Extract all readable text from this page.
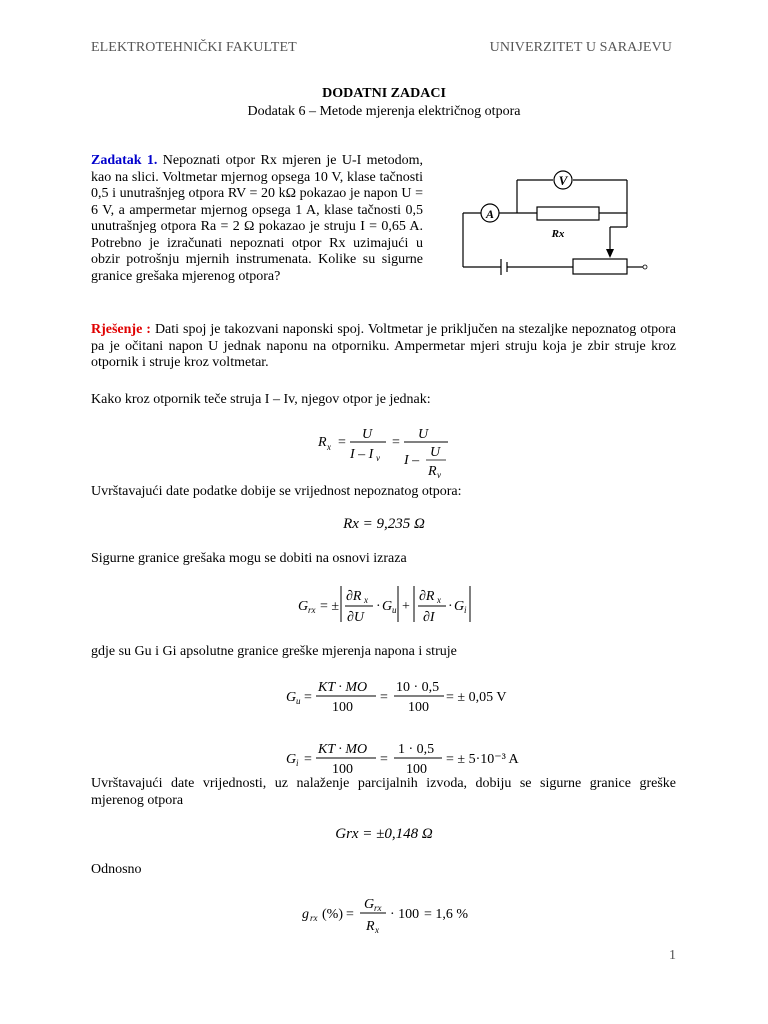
ELEKTROTEHNIČKI FAKULTET	UNIVERZITET U SARAJEVU
DODATNI ZADACI
Dodatak 6 – Metode mjerenja električnog otpora

Zadatak 1. Nepoznati otpor Rx mjeren je U-I metodom, kao na slici. Voltmetar mjernog opsega 10 V, klase tačnosti 0,5 i unutrašnjeg otpora RV = 20 kΩ pokazao je napon U = 6 V, a ampermetar mjernog opsega 1 A, klase tačnosti 0,5 unutrašnjeg otpora Ra = 2 Ω pokazao je struju I = 0,65 A. Potrebno je izračunati nepoznati otpor Rx uzimajući u obzir potrošnju mjernih instrumenata. Kolike su sigurne granice grešaka mjerenog otpora?

V
A
Rx

Rješenje : Dati spoj je takozvani naponski spoj. Voltmetar je priključen na stezaljke nepoznatog otpora pa je očitani napon U jednak naponu na otporniku. Ampermetar mjeri struju koja je zbir struje kroz otpornik i struje kroz voltmetar.

Kako kroz otpornik teče struja I – Iv, njegov otpor je jednak:
R x =
U
I – I v
=
U
I –
U
R v
Uvrštavajući date podatke dobije se vrijednost nepoznatog otpora:
Rx = 9,235 Ω
Sigurne granice grešaka mogu se dobiti na osnovi izraza
G rx = ±
∂R x
∂U
· G u +
∂R x
∂I
· G i
gdje su Gu i Gi apsolutne granice greške mjerenja napona i struje
G u =
KT · MO
100
=
10 · 0,5
100
= ± 0,05 V
G i =
KT · MO
100
=
1 · 0,5
100
= ± 5·10⁻³ A
Uvrštavajući date vrijednosti, uz nalaženje parcijalnih izvoda, dobiju se sigurne granice greške mjerenog otpora
Grx = ±0,148 Ω
Odnosno
g rx (%) =
G rx
R x
· 100 = 1,6 %
1
